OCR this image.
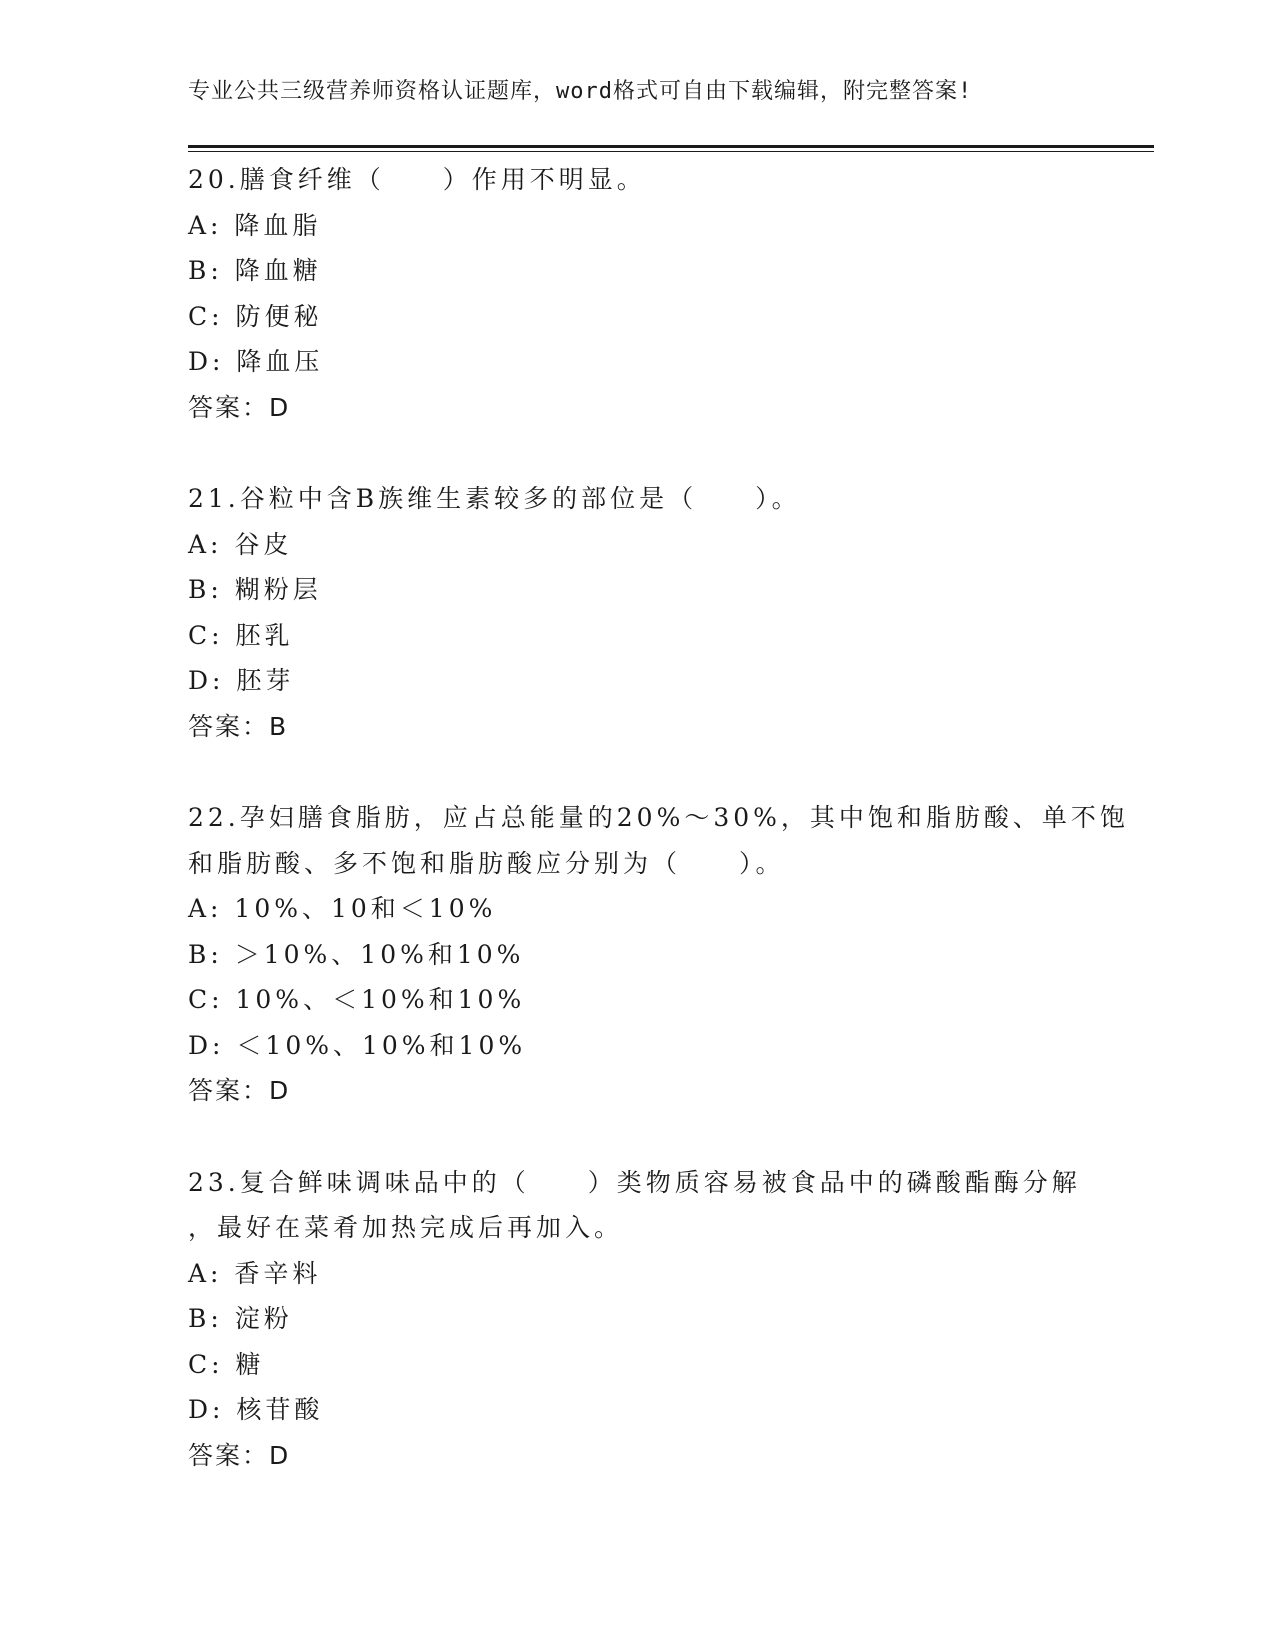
专业公共三级营养师资格认证题库，word格式可自由下载编辑，附完整答案!
20.膳食纤维（　　）作用不明显。
A: 降血脂
B: 降血糖
C: 防便秘
D: 降血压
答案：D
21.谷粒中含B族维生素较多的部位是（　　）。
A: 谷皮
B: 糊粉层
C: 胚乳
D: 胚芽
答案：B
22.孕妇膳食脂肪，应占总能量的20%～30%，其中饱和脂肪酸、单不饱
和脂肪酸、多不饱和脂肪酸应分别为（　　）。
A: 10%、10和＜10%
B: ＞10%、10%和10%
C: 10%、＜10%和10%
D: ＜10%、10%和10%
答案：D
23.复合鲜味调味品中的（　　）类物质容易被食品中的磷酸酯酶分解
，最好在菜肴加热完成后再加入。
A: 香辛料
B: 淀粉
C: 糖
D: 核苷酸
答案：D
